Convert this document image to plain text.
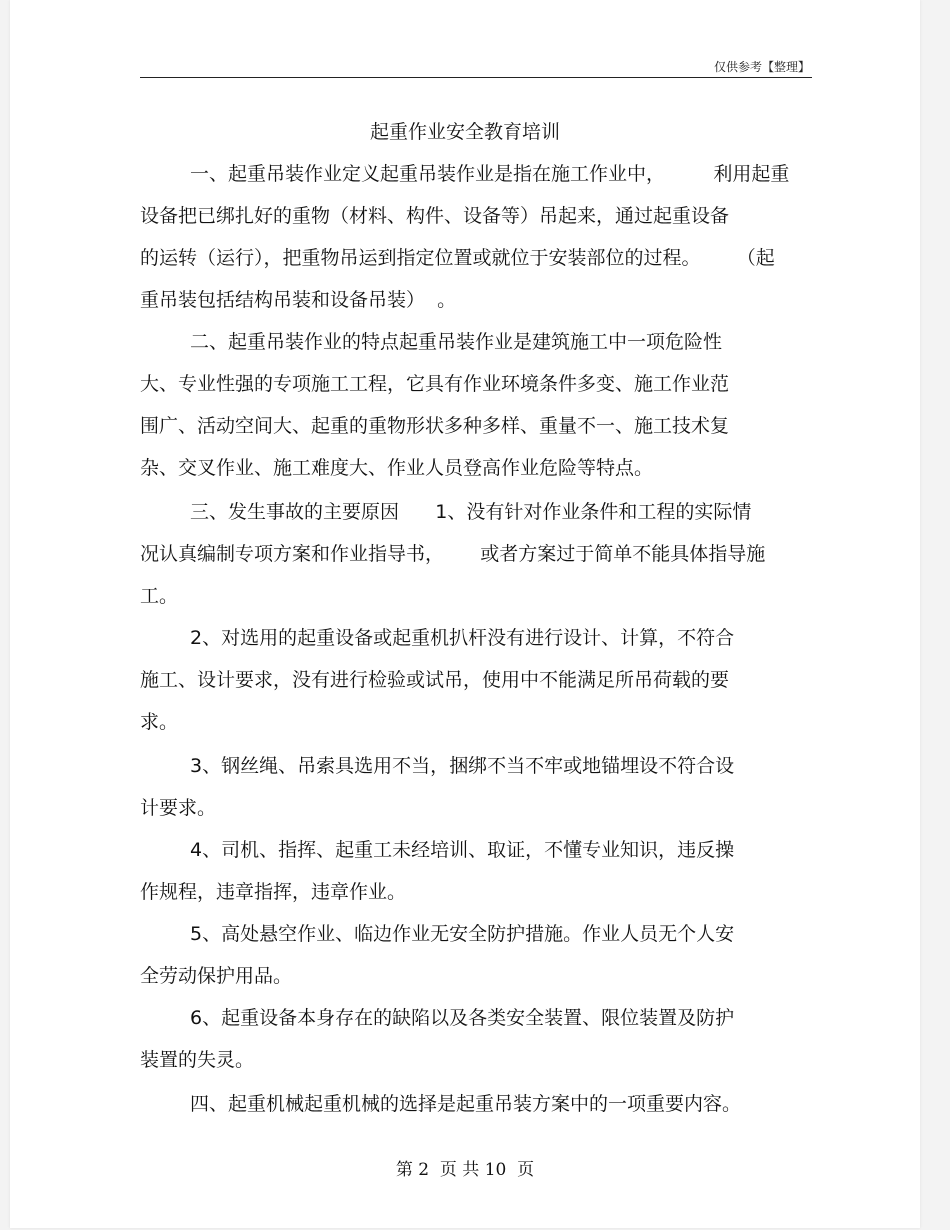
仅供参考【整理】
起重作业安全教育培训
一、起重吊装作业定义起重吊装作业是指在施工作业中，        利用起重
设备把已绑扎好的重物（材料、构件、设备等）吊起来，通过起重设备
的运转（运行），把重物吊运到指定位置或就位于安装部位的过程。      （起
重吊装包括结构吊装和设备吊装）  。
二、起重吊装作业的特点起重吊装作业是建筑施工中一项危险性
大、专业性强的专项施工工程，它具有作业环境条件多变、施工作业范
围广、活动空间大、起重的重物形状多种多样、重量不一、施工技术复
杂、交叉作业、施工难度大、作业人员登高作业危险等特点。
三、发生事故的主要原因      1、没有针对作业条件和工程的实际情
况认真编制专项方案和作业指导书，      或者方案过于简单不能具体指导施
工。
2、对选用的起重设备或起重机扒杆没有进行设计、计算，不符合
施工、设计要求，没有进行检验或试吊，使用中不能满足所吊荷载的要
求。
3、钢丝绳、吊索具选用不当，捆绑不当不牢或地锚埋设不符合设
计要求。
4、司机、指挥、起重工未经培训、取证，不懂专业知识，违反操
作规程，违章指挥，违章作业。
5、高处悬空作业、临边作业无安全防护措施。作业人员无个人安
全劳动保护用品。
6、起重设备本身存在的缺陷以及各类安全装置、限位装置及防护
装置的失灵。
四、起重机械起重机械的选择是起重吊装方案中的一项重要内容。
第 2  页 共 10  页
